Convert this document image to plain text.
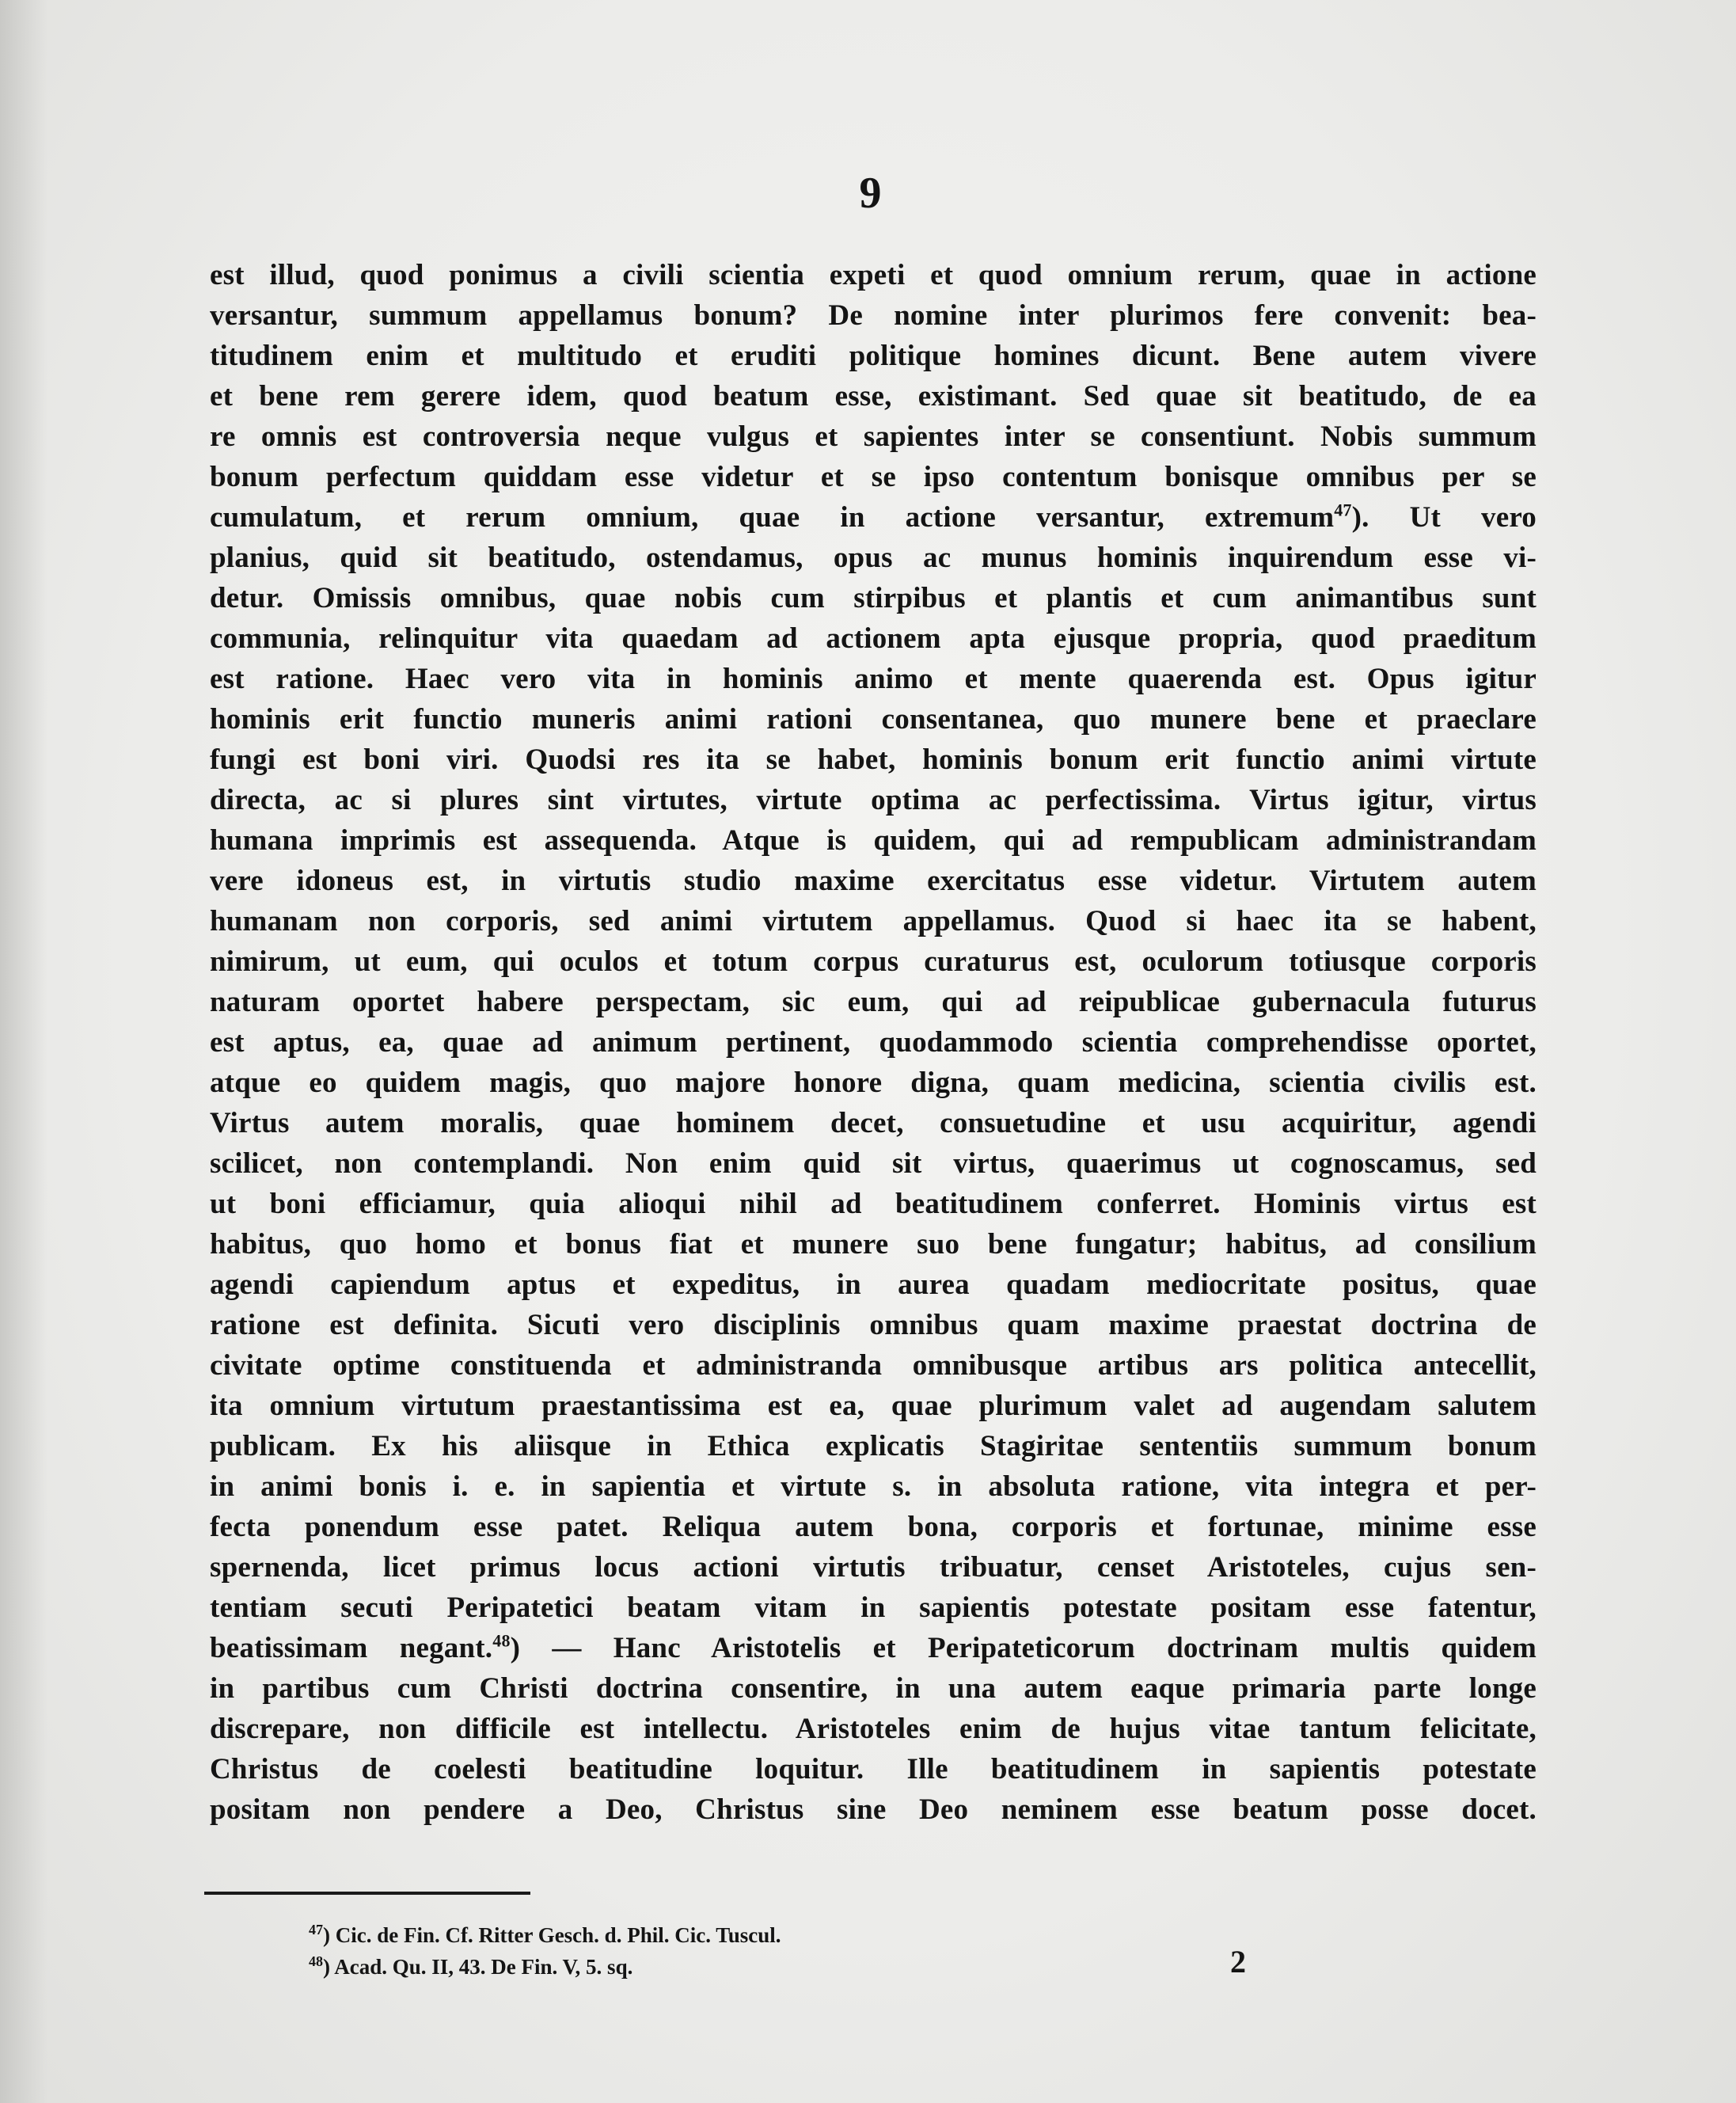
9
est illud, quod ponimus a civili scientia expeti et quod omnium rerum, quae in actione
versantur, summum appellamus bonum? De nomine inter plurimos fere convenit: bea-
titudinem enim et multitudo et eruditi politique homines dicunt. Bene autem vivere
et bene rem gerere idem, quod beatum esse, existimant. Sed quae sit beatitudo, de ea
re omnis est controversia neque vulgus et sapientes inter se consentiunt. Nobis summum
bonum perfectum quiddam esse videtur et se ipso contentum bonisque omnibus per se
cumulatum, et rerum omnium, quae in actione versantur, extremum$^{47}$). Ut vero
planius, quid sit beatitudo, ostendamus, opus ac munus hominis inquirendum esse vi-
detur. Omissis omnibus, quae nobis cum stirpibus et plantis et cum animantibus sunt
communia, relinquitur vita quaedam ad actionem apta ejusque propria, quod praeditum
est ratione. Haec vero vita in hominis animo et mente quaerenda est. Opus igitur
hominis erit functio muneris animi rationi consentanea, quo munere bene et praeclare
fungi est boni viri. Quodsi res ita se habet, hominis bonum erit functio animi virtute
directa, ac si plures sint virtutes, virtute optima ac perfectissima. Virtus igitur, virtus
humana imprimis est assequenda. Atque is quidem, qui ad rempublicam administrandam
vere idoneus est, in virtutis studio maxime exercitatus esse videtur. Virtutem autem
humanam non corporis, sed animi virtutem appellamus. Quod si haec ita se habent,
nimirum, ut eum, qui oculos et totum corpus curaturus est, oculorum totiusque corporis
naturam oportet habere perspectam, sic eum, qui ad reipublicae gubernacula futurus
est aptus, ea, quae ad animum pertinent, quodammodo scientia comprehendisse oportet,
atque eo quidem magis, quo majore honore digna, quam medicina, scientia civilis est.
Virtus autem moralis, quae hominem decet, consuetudine et usu acquiritur, agendi
scilicet, non contemplandi. Non enim quid sit virtus, quaerimus ut cognoscamus, sed
ut boni efficiamur, quia alioqui nihil ad beatitudinem conferret. Hominis virtus est
habitus, quo homo et bonus fiat et munere suo bene fungatur; habitus, ad consilium
agendi capiendum aptus et expeditus, in aurea quadam mediocritate positus, quae
ratione est definita. Sicuti vero disciplinis omnibus quam maxime praestat doctrina de
civitate optime constituenda et administranda omnibusque artibus ars politica antecellit,
ita omnium virtutum praestantissima est ea, quae plurimum valet ad augendam salutem
publicam. Ex his aliisque in Ethica explicatis Stagiritae sententiis summum bonum
in animi bonis i. e. in sapientia et virtute s. in absoluta ratione, vita integra et per-
fecta ponendum esse patet. Reliqua autem bona, corporis et fortunae, minime esse
spernenda, licet primus locus actioni virtutis tribuatur, censet Aristoteles, cujus sen-
tentiam secuti Peripatetici beatam vitam in sapientis potestate positam esse fatentur,
beatissimam negant.$^{48}$) — Hanc Aristotelis et Peripateticorum doctrinam multis quidem
in partibus cum Christi doctrina consentire, in una autem eaque primaria parte longe
discrepare, non difficile est intellectu. Aristoteles enim de hujus vitae tantum felicitate,
Christus de coelesti beatitudine loquitur. Ille beatitudinem in sapientis potestate
positam non pendere a Deo, Christus sine Deo neminem esse beatum posse docet.
$^{47}$) Cic. de Fin. Cf. Ritter Gesch. d. Phil. Cic. Tuscul.
$^{48}$) Acad. Qu. II, 43. De Fin. V, 5. sq.	2
